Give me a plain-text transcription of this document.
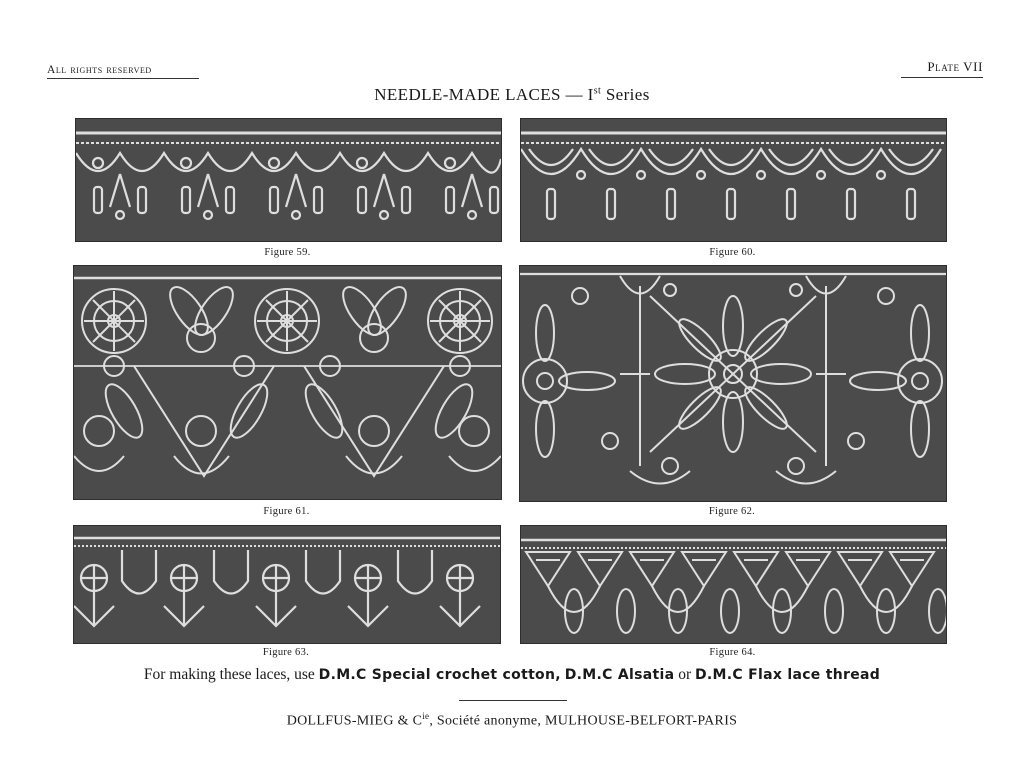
All rights reserved	Plate VII
NEEDLE-MADE LACES — Ist Series
Figure 59.	Figure 60.
Figure 61.	Figure 62.
Figure 63.	Figure 64.
For making these laces, use D.M.C Special crochet cotton, D.M.C Alsatia or D.M.C Flax lace thread
DOLLFUS-MIEG & $C^{ie}$, Société anonyme, MULHOUSE-BELFORT-PARIS
